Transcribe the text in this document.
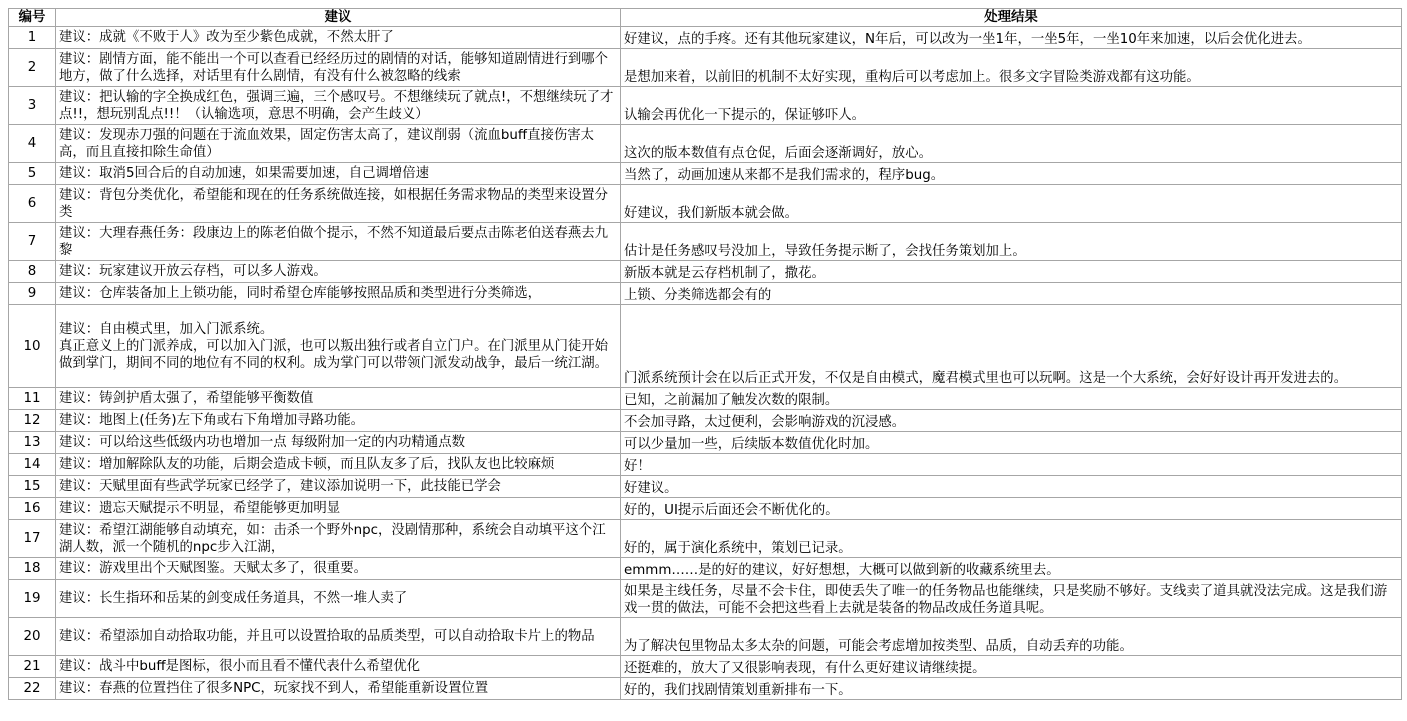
编号	建议	处理结果
1	建议：成就《不败于人》改为至少紫色成就，不然太肝了	好建议，点的手疼。还有其他玩家建议，N年后，可以改为一坐1年，一坐5年，一坐10年来加速，以后会优化进去。
2	建议：剧情方面，能不能出一个可以查看已经经历过的剧情的对话，能够知道剧情进行到哪个地方，做了什么选择，对话里有什么剧情，有没有什么被忽略的线索	是想加来着，以前旧的机制不太好实现，重构后可以考虑加上。很多文字冒险类游戏都有这功能。
3	建议：把认输的字全换成红色，强调三遍，三个感叹号。不想继续玩了就点!，不想继续玩了才点!!，想玩别乱点!!！（认输选项，意思不明确，会产生歧义）	认输会再优化一下提示的，保证够吓人。
4	建议：发现赤刀强的问题在于流血效果，固定伤害太高了，建议削弱（流血buff直接伤害太高，而且直接扣除生命值）	这次的版本数值有点仓促，后面会逐渐调好，放心。
5	建议：取消5回合后的自动加速，如果需要加速，自己调增倍速	当然了，动画加速从来都不是我们需求的，程序bug。
6	建议：背包分类优化，希望能和现在的任务系统做连接，如根据任务需求物品的类型来设置分类	好建议，我们新版本就会做。
7	建议：大理春燕任务：段康边上的陈老伯做个提示，不然不知道最后要点击陈老伯送春燕去九黎	估计是任务感叹号没加上，导致任务提示断了，会找任务策划加上。
8	建议：玩家建议开放云存档，可以多人游戏。	新版本就是云存档机制了，撒花。
9	建议：仓库装备加上上锁功能，同时希望仓库能够按照品质和类型进行分类筛选，	上锁、分类筛选都会有的
10	建议：自由模式里，加入门派系统。
真正意义上的门派养成，可以加入门派，也可以叛出独行或者自立门户。在门派里从门徒开始做到掌门，期间不同的地位有不同的权利。成为掌门可以带领门派发动战争，最后一统江湖。	门派系统预计会在以后正式开发，不仅是自由模式，魔君模式里也可以玩啊。这是一个大系统，会好好设计再开发进去的。
11	建议：铸剑护盾太强了，希望能够平衡数值	已知，之前漏加了触发次数的限制。
12	建议：地图上(任务)左下角或右下角增加寻路功能。	不会加寻路，太过便利，会影响游戏的沉浸感。
13	建议：可以给这些低级内功也增加一点 每级附加一定的内功精通点数	可以少量加一些，后续版本数值优化时加。
14	建议：增加解除队友的功能，后期会造成卡顿，而且队友多了后，找队友也比较麻烦	好！
15	建议：天赋里面有些武学玩家已经学了，建议添加说明一下，此技能已学会	好建议。
16	建议：遗忘天赋提示不明显，希望能够更加明显	好的，UI提示后面还会不断优化的。
17	建议：希望江湖能够自动填充，如：击杀一个野外npc，没剧情那种，系统会自动填平这个江湖人数，派一个随机的npc步入江湖，	好的，属于演化系统中，策划已记录。
18	建议：游戏里出个天赋图鉴。天赋太多了，很重要。	emmm……是的好的建议，好好想想，大概可以做到新的收藏系统里去。
19	建议：长生指环和岳某的剑变成任务道具，不然一堆人卖了	如果是主线任务，尽量不会卡住，即使丢失了唯一的任务物品也能继续，只是奖励不够好。支线卖了道具就没法完成。这是我们游戏一贯的做法，可能不会把这些看上去就是装备的物品改成任务道具呢。
20	建议：希望添加自动拾取功能，并且可以设置拾取的品质类型，可以自动拾取卡片上的物品	为了解决包里物品太多太杂的问题，可能会考虑增加按类型、品质，自动丢弃的功能。
21	建议：战斗中buff是图标，很小而且看不懂代表什么希望优化	还挺难的，放大了又很影响表现，有什么更好建议请继续提。
22	建议：春燕的位置挡住了很多NPC，玩家找不到人，希望能重新设置位置	好的，我们找剧情策划重新排布一下。
